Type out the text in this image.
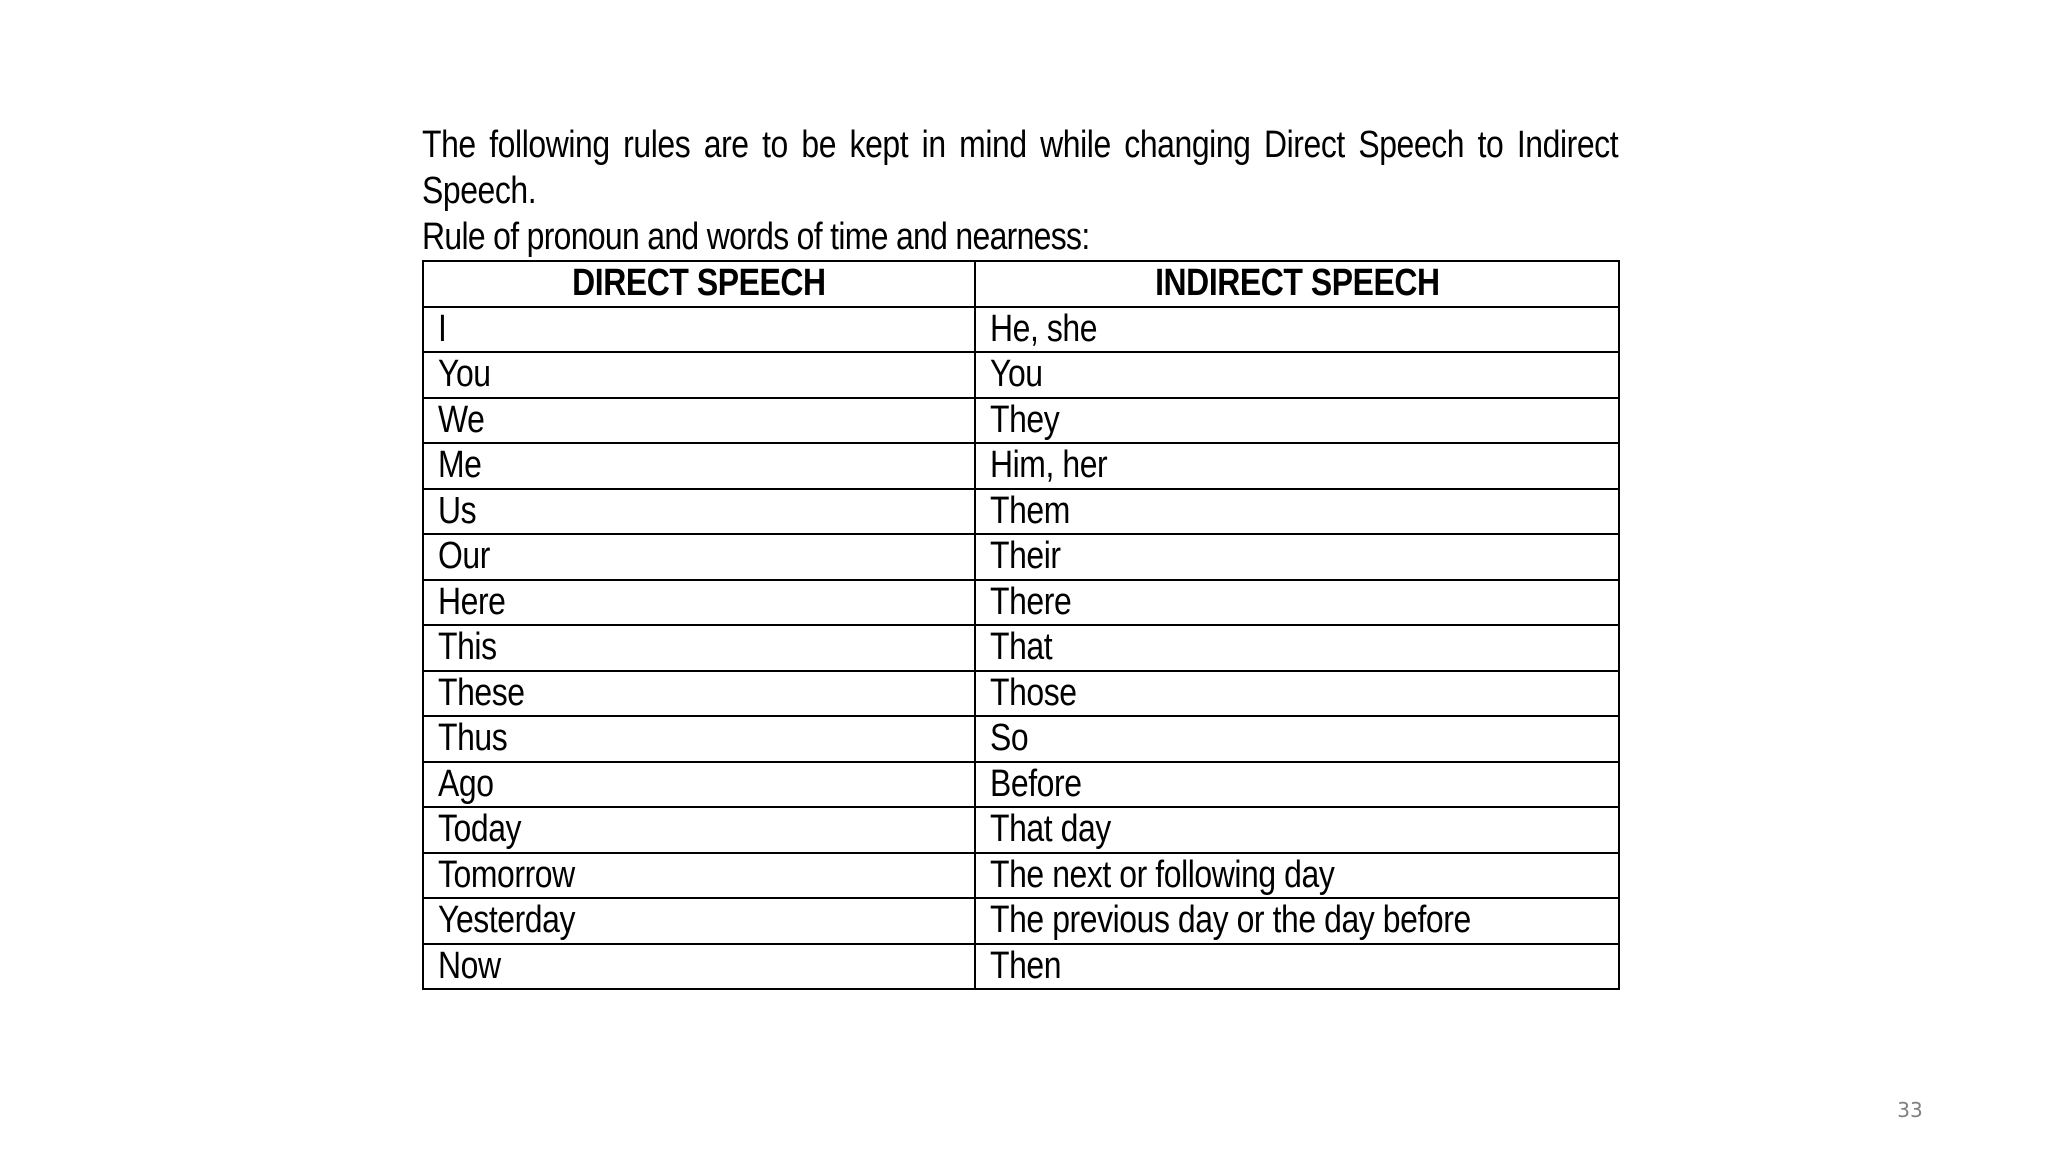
The following rules are to be kept in mind while changing Direct Speech to Indirect Speech.

Rule of pronoun and words of time and nearness:

DIRECT SPEECH	INDIRECT SPEECH
I	He, she
You	You
We	They
Me	Him, her
Us	Them
Our	Their
Here	There
This	That
These	Those
Thus	So
Ago	Before
Today	That day
Tomorrow	The next or following day
Yesterday	The previous day or the day before
Now	Then
33
